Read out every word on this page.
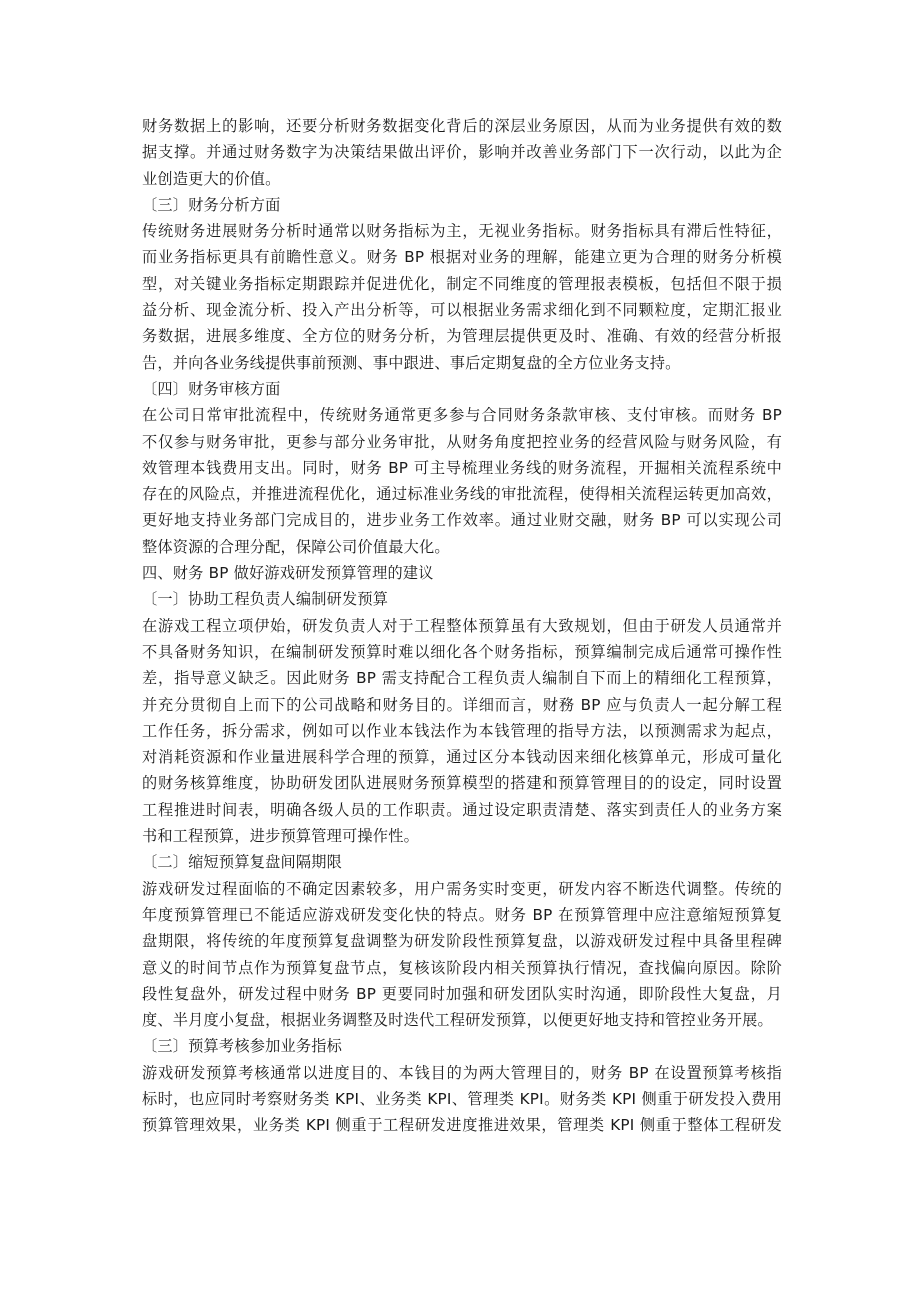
财务数据上的影响，还要分析财务数据变化背后的深层业务原因，从而为业务提供有效的数
据支撑。并通过财务数字为决策结果做出评价，影响并改善业务部门下一次行动，以此为企
业创造更大的价值。
〔三〕财务分析方面
传统财务进展财务分析时通常以财务指标为主，无视业务指标。财务指标具有滞后性特征，
而业务指标更具有前瞻性意义。财务 BP 根据对业务的理解，能建立更为合理的财务分析模
型，对关键业务指标定期跟踪并促进优化，制定不同维度的管理报表模板，包括但不限于损
益分析、现金流分析、投入产出分析等，可以根据业务需求细化到不同颗粒度，定期汇报业
务数据，进展多维度、全方位的财务分析，为管理层提供更及时、准确、有效的经营分析报
告，并向各业务线提供事前预测、事中跟进、事后定期复盘的全方位业务支持。
〔四〕财务审核方面
在公司日常审批流程中，传统财务通常更多参与合同财务条款审核、支付审核。而财务 BP
不仅参与财务审批，更参与部分业务审批，从财务角度把控业务的经营风险与财务风险，有
效管理本钱费用支出。同时，财务 BP 可主导梳理业务线的财务流程，开掘相关流程系统中
存在的风险点，并推进流程优化，通过标准业务线的审批流程，使得相关流程运转更加高效，
更好地支持业务部门完成目的，进步业务工作效率。通过业财交融，财务 BP 可以实现公司
整体资源的合理分配，保障公司价值最大化。
四、财务 BP 做好游戏研发预算管理的建议
〔一〕协助工程负责人编制研发预算
在游戏工程立项伊始，研发负责人对于工程整体预算虽有大致规划，但由于研发人员通常并
不具备财务知识，在编制研发预算时难以细化各个财务指标，预算编制完成后通常可操作性
差，指导意义缺乏。因此财务 BP 需支持配合工程负责人编制自下而上的精细化工程预算，
并充分贯彻自上而下的公司战略和财务目的。详细而言，财務 BP 应与负责人一起分解工程
工作任务，拆分需求，例如可以作业本钱法作为本钱管理的指导方法，以预测需求为起点，
对消耗资源和作业量进展科学合理的预算，通过区分本钱动因来细化核算单元，形成可量化
的财务核算维度，协助研发团队进展财务预算模型的搭建和预算管理目的的设定，同时设置
工程推进时间表，明确各级人员的工作职责。通过设定职责清楚、落实到责任人的业务方案
书和工程预算，进步预算管理可操作性。
〔二〕缩短预算复盘间隔期限
游戏研发过程面临的不确定因素较多，用户需务实时变更，研发内容不断迭代调整。传统的
年度预算管理已不能适应游戏研发变化快的特点。财务 BP 在预算管理中应注意缩短预算复
盘期限，将传统的年度预算复盘调整为研发阶段性预算复盘，以游戏研发过程中具备里程碑
意义的时间节点作为预算复盘节点，复核该阶段内相关预算执行情况，查找偏向原因。除阶
段性复盘外，研发过程中财务 BP 更要同时加强和研发团队实时沟通，即阶段性大复盘，月
度、半月度小复盘，根据业务调整及时迭代工程研发预算，以便更好地支持和管控业务开展。
〔三〕预算考核参加业务指标
游戏研发预算考核通常以进度目的、本钱目的为两大管理目的，财务 BP 在设置预算考核指
标时，也应同时考察财务类 KPI、业务类 KPI、管理类 KPI。财务类 KPI 侧重于研发投入费用
预算管理效果，业务类 KPI 侧重于工程研发进度推进效果，管理类 KPI 侧重于整体工程研发
